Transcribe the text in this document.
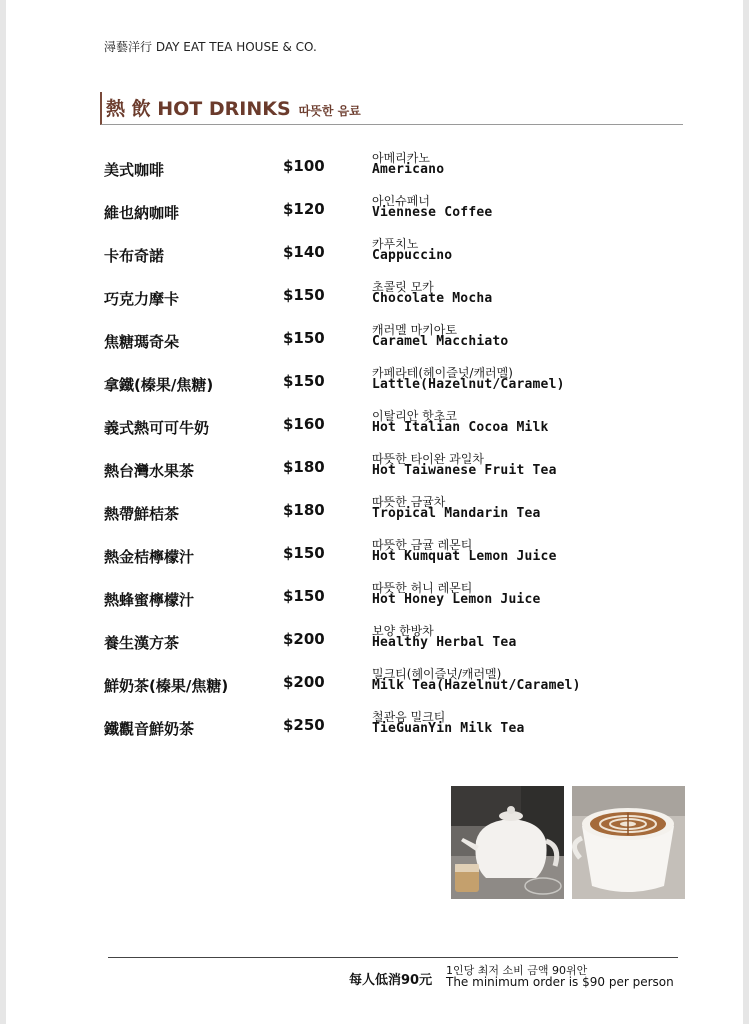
潯藝洋行 DAY EAT TEA HOUSE & CO.
熱 飲 HOT DRINKS 따뜻한 음료
美式咖啡	$100	아메리카노
Americano
維也納咖啡	$120	아인슈페너
Viennese Coffee
卡布奇諾	$140	카푸치노
Cappuccino
巧克力摩卡	$150	초콜릿 모카
Chocolate Mocha
焦糖瑪奇朵	$150	캐러멜 마키아토
Caramel Macchiato
拿鐵(榛果/焦糖)	$150	카페라테(헤이즐넛/캐러멜)
Lattle(Hazelnut/Caramel)
義式熱可可牛奶	$160	이탈리안 핫초코
Hot Italian Cocoa Milk
熱台灣水果茶	$180	따뜻한 타이완 과일차
Hot Taiwanese Fruit Tea
熱帶鮮桔茶	$180	따뜻한 금귤차
Tropical Mandarin Tea
熱金桔檸檬汁	$150	따뜻한 금귤 레몬티
Hot Kumquat Lemon Juice
熱蜂蜜檸檬汁	$150	따뜻한 허니 레몬티
Hot Honey Lemon Juice
養生漢方茶	$200	보양 한방차
Healthy Herbal Tea
鮮奶茶(榛果/焦糖)	$200	밀크티(헤이즐넛/캐러멜)
Milk Tea(Hazelnut/Caramel)
鐵觀音鮮奶茶	$250	철관음 밀크티
TieGuanYin Milk Tea
每人低消90元
1인당 최저 소비 금액 90위안
The minimum order is $90 per person
